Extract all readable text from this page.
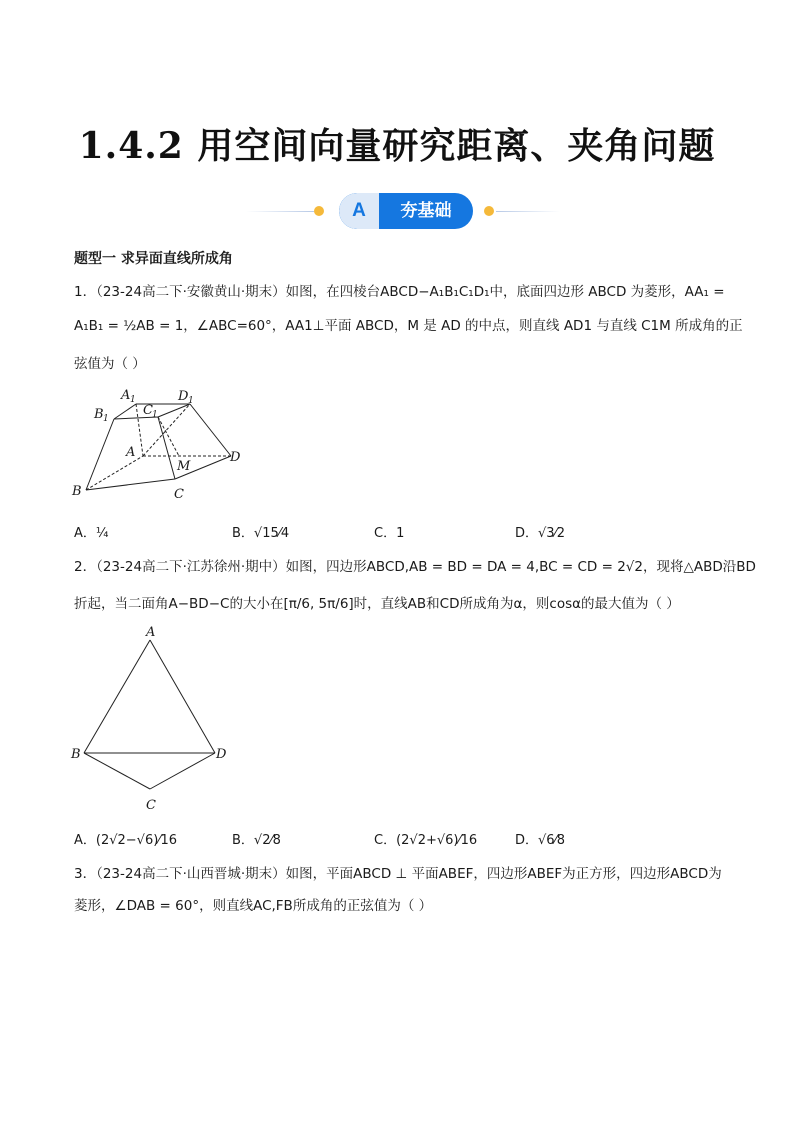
1.4.2 用空间向量研究距离、夹角问题
A	夯基础
题型一 求异面直线所成角
1．（23-24高二下·安徽黄山·期末）如图，在四棱台ABCD−A₁B₁C₁D₁中，底面四边形 ABCD 为菱形，AA₁ =
A₁B₁ = ½AB = 1，∠ABC=60°，AA1⊥平面 ABCD，M 是 AD 的中点，则直线 AD1 与直线 C1M 所成角的正
弦值为（ ）
A 1
B 1
C 1
D 1
A
M
D
B	C
A．¼	B．√15⁄4	C．1	D．√3⁄2
2．（23-24高二下·江苏徐州·期中）如图，四边形ABCD,AB = BD = DA = 4,BC = CD = 2√2，现将△ABD沿BD
折起，当二面角A−BD−C的大小在[π/6, 5π/6]时，直线AB和CD所成角为α，则cosα的最大值为（ ）
A
B	D
C
A．(2√2−√6)⁄16	B．√2⁄8	C．(2√2+√6)⁄16	D．√6⁄8
3．（23-24高二下·山西晋城·期末）如图，平面ABCD ⊥ 平面ABEF，四边形ABEF为正方形，四边形ABCD为
菱形，∠DAB = 60°，则直线AC,FB所成角的正弦值为（ ）
